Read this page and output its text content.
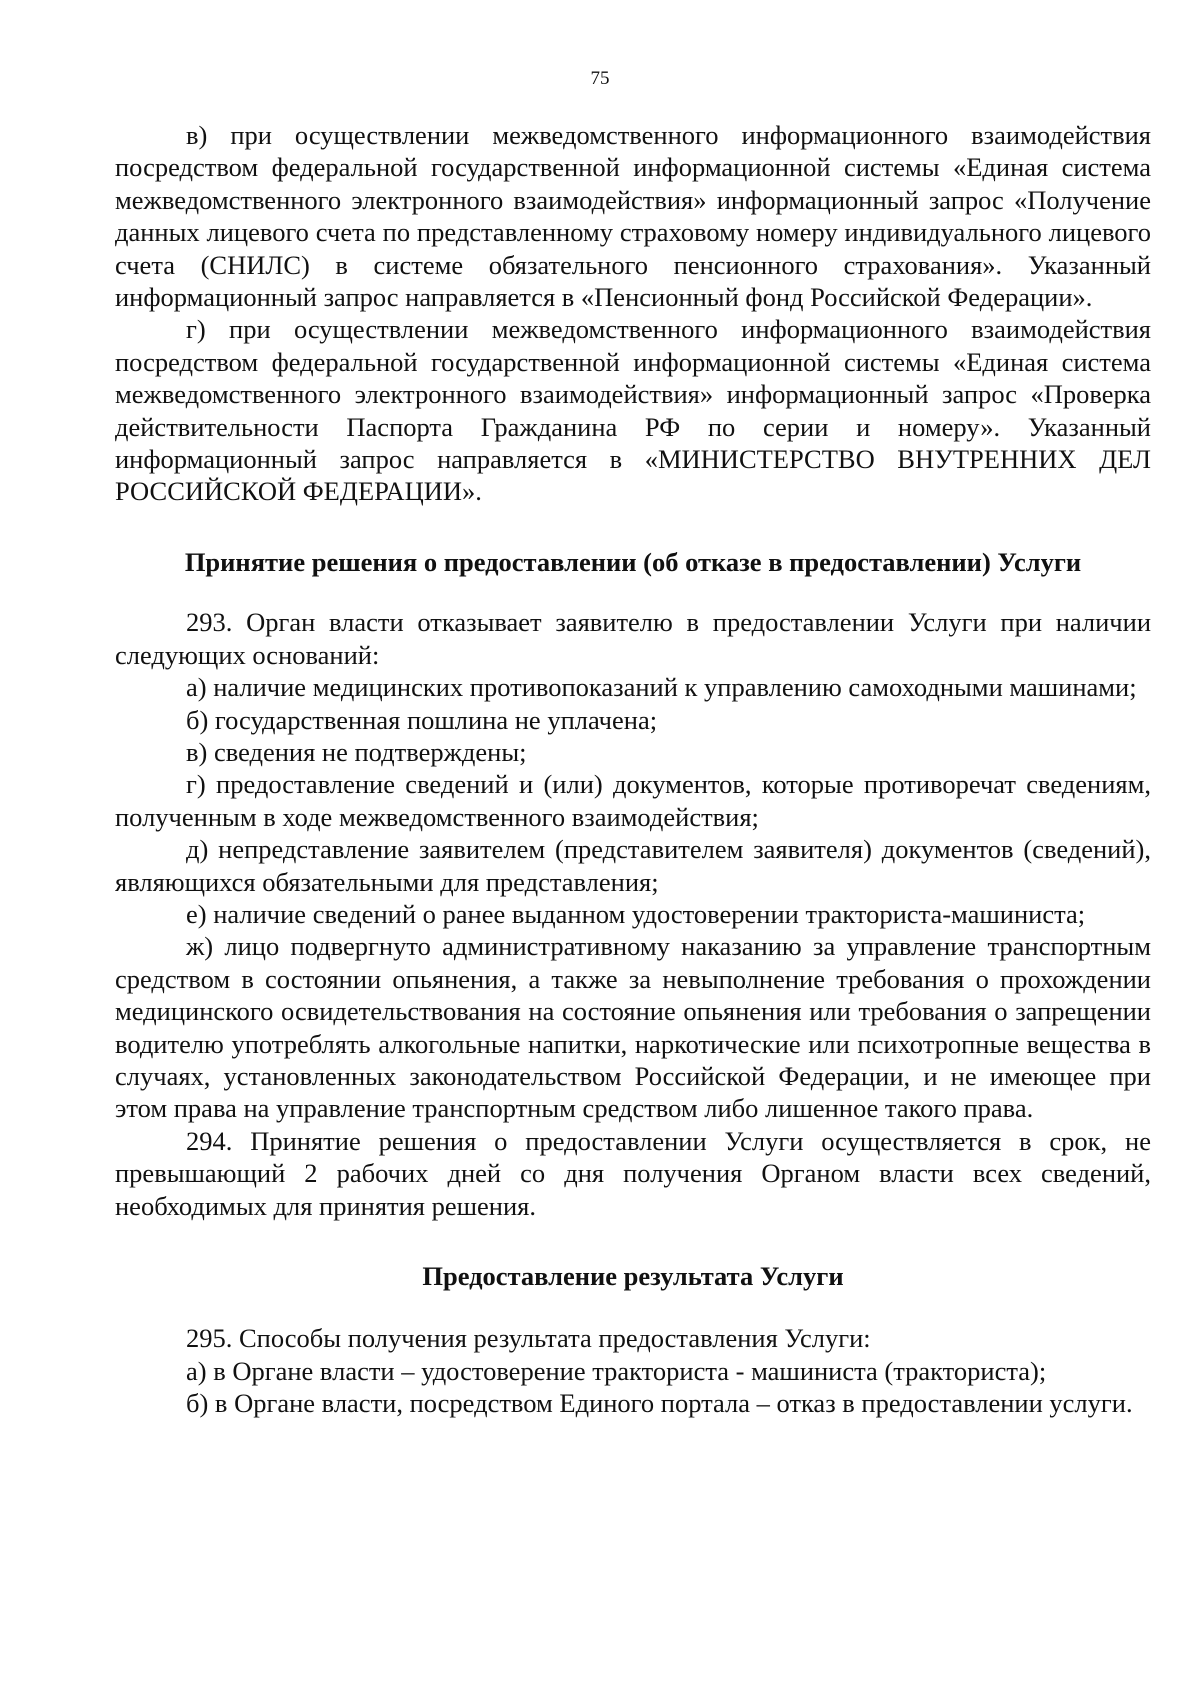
75

в) при осуществлении межведомственного информационного взаимодействия посредством федеральной государственной информационной системы «Единая система межведомственного электронного взаимодействия» информационный запрос «Получение данных лицевого счета по представленному страховому номеру индивидуального лицевого счета (СНИЛС) в системе обязательного пенсионного страхования». Указанный информационный запрос направляется в «Пенсионный фонд Российской Федерации».

г) при осуществлении межведомственного информационного взаимодействия посредством федеральной государственной информационной системы «Единая система межведомственного электронного взаимодействия» информационный запрос «Проверка действительности Паспорта Гражданина РФ по серии и номеру». Указанный информационный запрос направляется в «МИНИСТЕРСТВО ВНУТРЕННИХ ДЕЛ РОССИЙСКОЙ ФЕДЕРАЦИИ».

Принятие решения о предоставлении (об отказе в предоставлении) Услуги

293. Орган власти отказывает заявителю в предоставлении Услуги при наличии следующих оснований:

а) наличие медицинских противопоказаний к управлению самоходными машинами;

б) государственная пошлина не уплачена;

в) сведения не подтверждены;

г) предоставление сведений и (или) документов, которые противоречат сведениям, полученным в ходе межведомственного взаимодействия;

д) непредставление заявителем (представителем заявителя) документов (сведений), являющихся обязательными для представления;

е) наличие сведений о ранее выданном удостоверении тракториста-машиниста;

ж) лицо подвергнуто административному наказанию за управление транспортным средством в состоянии опьянения, а также за невыполнение требования о прохождении медицинского освидетельствования на состояние опьянения или требования о запрещении водителю употреблять алкогольные напитки, наркотические или психотропные вещества в случаях, установленных законодательством Российской Федерации, и не имеющее при этом права на управление транспортным средством либо лишенное такого права.

294. Принятие решения о предоставлении Услуги осуществляется в срок, не превышающий 2 рабочих дней со дня получения Органом власти всех сведений, необходимых для принятия решения.

Предоставление результата Услуги

295. Способы получения результата предоставления Услуги:

а) в Органе власти – удостоверение тракториста - машиниста (тракториста);

б) в Органе власти, посредством Единого портала – отказ в предоставлении услуги.
